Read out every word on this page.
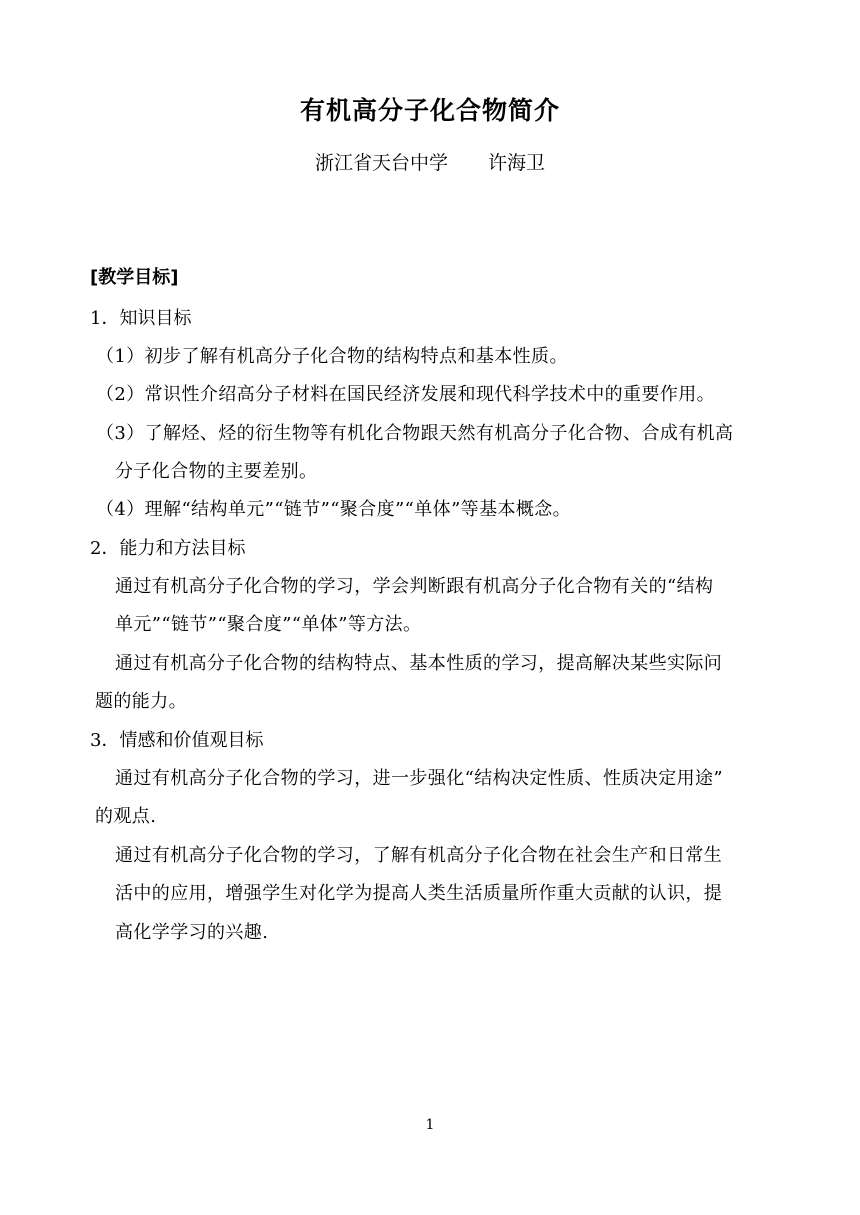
有机高分子化合物简介
浙江省天台中学 许海卫
[教学目标]
1．知识目标
（1）初步了解有机高分子化合物的结构特点和基本性质。
（2）常识性介绍高分子材料在国民经济发展和现代科学技术中的重要作用。
（3）了解烃、烃的衍生物等有机化合物跟天然有机高分子化合物、合成有机高
分子化合物的主要差别。
（4）理解“结构单元”“链节”“聚合度”“单体”等基本概念。
2．能力和方法目标
通过有机高分子化合物的学习，学会判断跟有机高分子化合物有关的“结构
单元”“链节”“聚合度”“单体”等方法。
通过有机高分子化合物的结构特点、基本性质的学习，提高解决某些实际问
题的能力。
3．情感和价值观目标
通过有机高分子化合物的学习，进一步强化“结构决定性质、性质决定用途”
的观点.
通过有机高分子化合物的学习，了解有机高分子化合物在社会生产和日常生
活中的应用，增强学生对化学为提高人类生活质量所作重大贡献的认识，提
高化学学习的兴趣.
1
